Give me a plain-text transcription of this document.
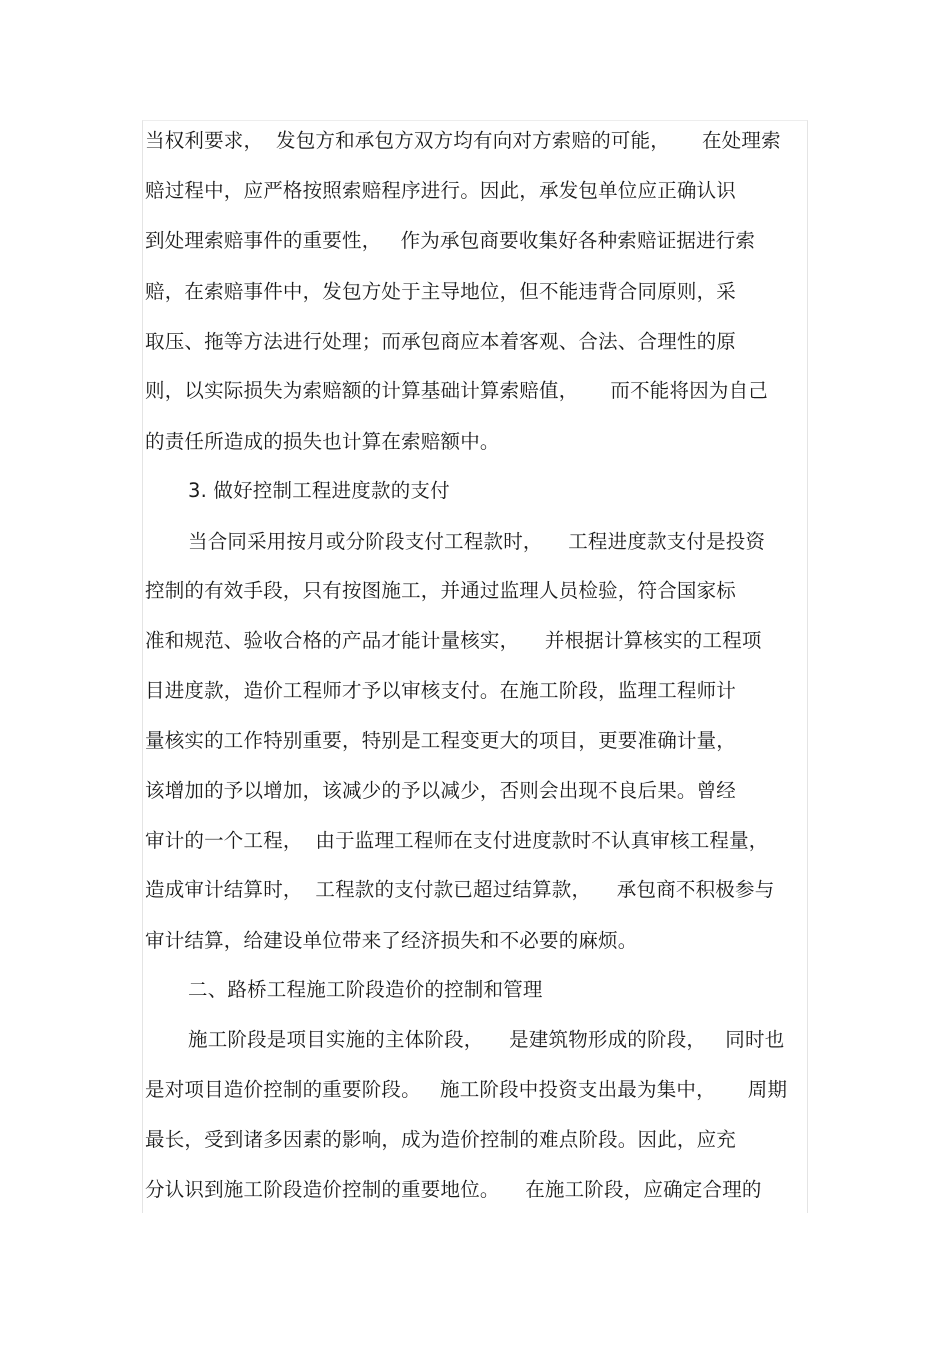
当权利要求，  发包方和承包方双方均有向对方索赔的可能，     在处理索
赔过程中，应严格按照索赔程序进行。因此，承发包单位应正确认识
到处理索赔事件的重要性，   作为承包商要收集好各种索赔证据进行索
赔，在索赔事件中，发包方处于主导地位，但不能违背合同原则，采
取压、拖等方法进行处理；而承包商应本着客观、合法、合理性的原
则，以实际损失为索赔额的计算基础计算索赔值，     而不能将因为自己
的责任所造成的损失也计算在索赔额中。
3. 做好控制工程进度款的支付
当合同采用按月或分阶段支付工程款时，    工程进度款支付是投资
控制的有效手段，只有按图施工，并通过监理人员检验，符合国家标
准和规范、验收合格的产品才能计量核实，    并根据计算核实的工程项
目进度款，造价工程师才予以审核支付。在施工阶段，监理工程师计
量核实的工作特别重要，特别是工程变更大的项目，更要准确计量，
该增加的予以增加，该减少的予以减少，否则会出现不良后果。曾经
审计的一个工程，  由于监理工程师在支付进度款时不认真审核工程量，
造成审计结算时，  工程款的支付款已超过结算款，    承包商不积极参与
审计结算，给建设单位带来了经济损失和不必要的麻烦。
二、路桥工程施工阶段造价的控制和管理
施工阶段是项目实施的主体阶段，    是建筑物形成的阶段，   同时也
是对项目造价控制的重要阶段。   施工阶段中投资支出最为集中，     周期
最长，受到诸多因素的影响，成为造价控制的难点阶段。因此，应充
分认识到施工阶段造价控制的重要地位。    在施工阶段，应确定合理的
